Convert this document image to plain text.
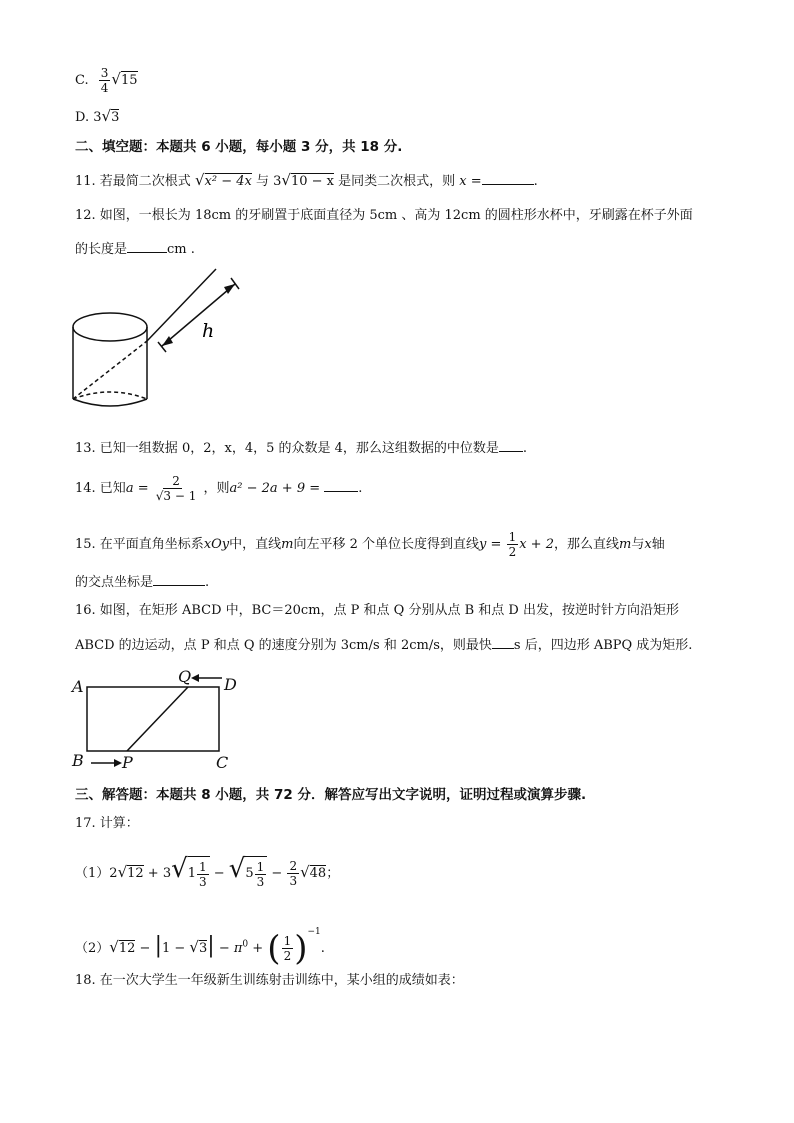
C. $\frac{3}{4} √15$
D. 3√3
二、填空题：本题共 6 小题，每小题 3 分，共 18 分.
11. 若最简二次根式 √x² − 4x 与 3√10 − x 是同类二次根式，则 x =	.
12. 如图，一根长为 18cm 的牙刷置于底面直径为 5cm 、高为 12cm 的圆柱形水杯中，牙刷露在杯子外面
的长度是	cm .
h
13. 已知一组数据 0，2，x，4，5 的众数是 4，那么这组数据的中位数是 .
14. 已知$a = \frac{2}{√3 - 1}$ ，则a² − 2a + 9 =	.
15. 在平面直角坐标系xOy中，直线m向左平移 2 个单位长度得到直线$y = \frac{1}{2}$ x + 2，那么直线m与x轴
的交点坐标是	.
16. 如图，在矩形 ABCD 中，BC＝20cm，点 P 和点 Q 分别从点 B 和点 D 出发，按逆时针方向沿矩形
ABCD 的边运动，点 P 和点 Q 的速度分别为 3cm/s 和 2cm/s，则最快 s 后，四边形 ABPQ 成为矩形.
A
B	C
D
P
Q
三、解答题：本题共 8 小题，共 72 分．解答应写出文字说明，证明过程或演算步骤.
17. 计算：
（1）2√12 + 3√ $1 \frac{1}{3}$ − √ $5 \frac{1}{3} - \frac{2}{3} √48$；
$(2)√12 - |1 - √3| - \pi^0$ + ( $\frac{1}{2} )^{-1}$.
18. 在一次大学生一年级新生训练射击训练中，某小组的成绩如表：
